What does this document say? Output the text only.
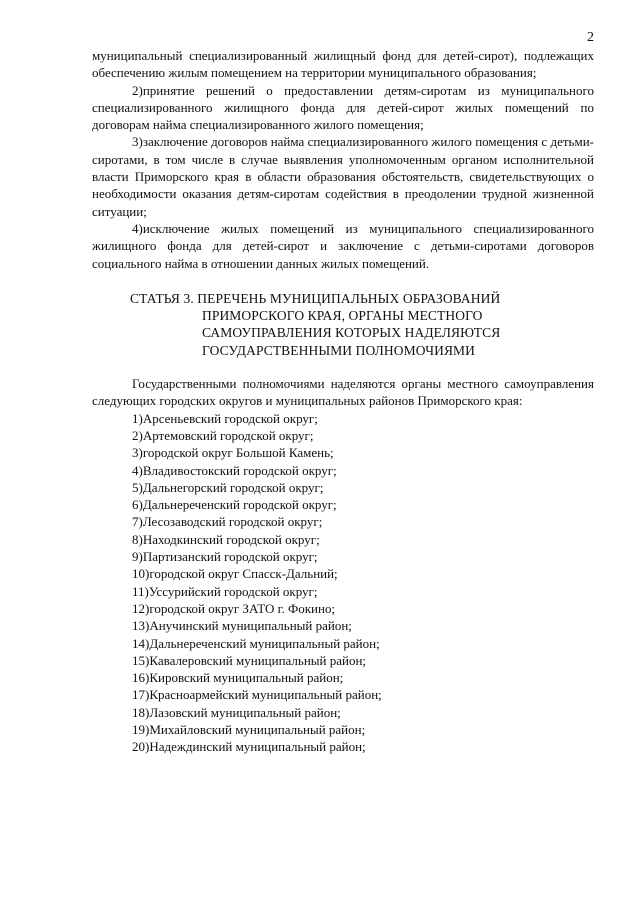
2

муниципальный специализированный жилищный фонд для детей-сирот), подлежащих обеспечению жилым помещением на территории муниципального образования;

2)принятие решений о предоставлении детям-сиротам из муниципального специализированного жилищного фонда для детей-сирот жилых помещений по договорам найма специализированного жилого помещения;

3)заключение договоров найма специализированного жилого помещения с детьми-сиротами, в том числе в случае выявления уполномоченным органом исполнительной власти Приморского края в области образования обстоятельств, свидетельствующих о необходимости оказания детям-сиротам содействия в преодолении трудной жизненной ситуации;

4)исключение жилых помещений из муниципального специализированного жилищного фонда для детей-сирот и заключение с детьми-сиротами договоров социального найма в отношении данных жилых помещений.

СТАТЬЯ 3. ПЕРЕЧЕНЬ МУНИЦИПАЛЬНЫХ ОБРАЗОВАНИЙ ПРИМОРСКОГО КРАЯ, ОРГАНЫ МЕСТНОГО САМОУПРАВЛЕНИЯ КОТОРЫХ НАДЕЛЯЮТСЯ ГОСУДАРСТВЕННЫМИ ПОЛНОМОЧИЯМИ

Государственными полномочиями наделяются органы местного самоуправления следующих городских округов и муниципальных районов Приморского края:

1)Арсеньевский городской округ;
2)Артемовский городской округ;
3)городской округ Большой Камень;
4)Владивостокский городской округ;
5)Дальнегорский городской округ;
6)Дальнереченский городской округ;
7)Лесозаводский городской округ;
8)Находкинский городской округ;
9)Партизанский городской округ;
10)городской округ Спасск-Дальний;
11)Уссурийский городской округ;
12)городской округ ЗАТО г. Фокино;
13)Анучинский муниципальный район;
14)Дальнереченский муниципальный район;
15)Кавалеровский муниципальный район;
16)Кировский муниципальный район;
17)Красноармейский муниципальный район;
18)Лазовский муниципальный район;
19)Михайловский муниципальный район;
20)Надеждинский муниципальный район;
